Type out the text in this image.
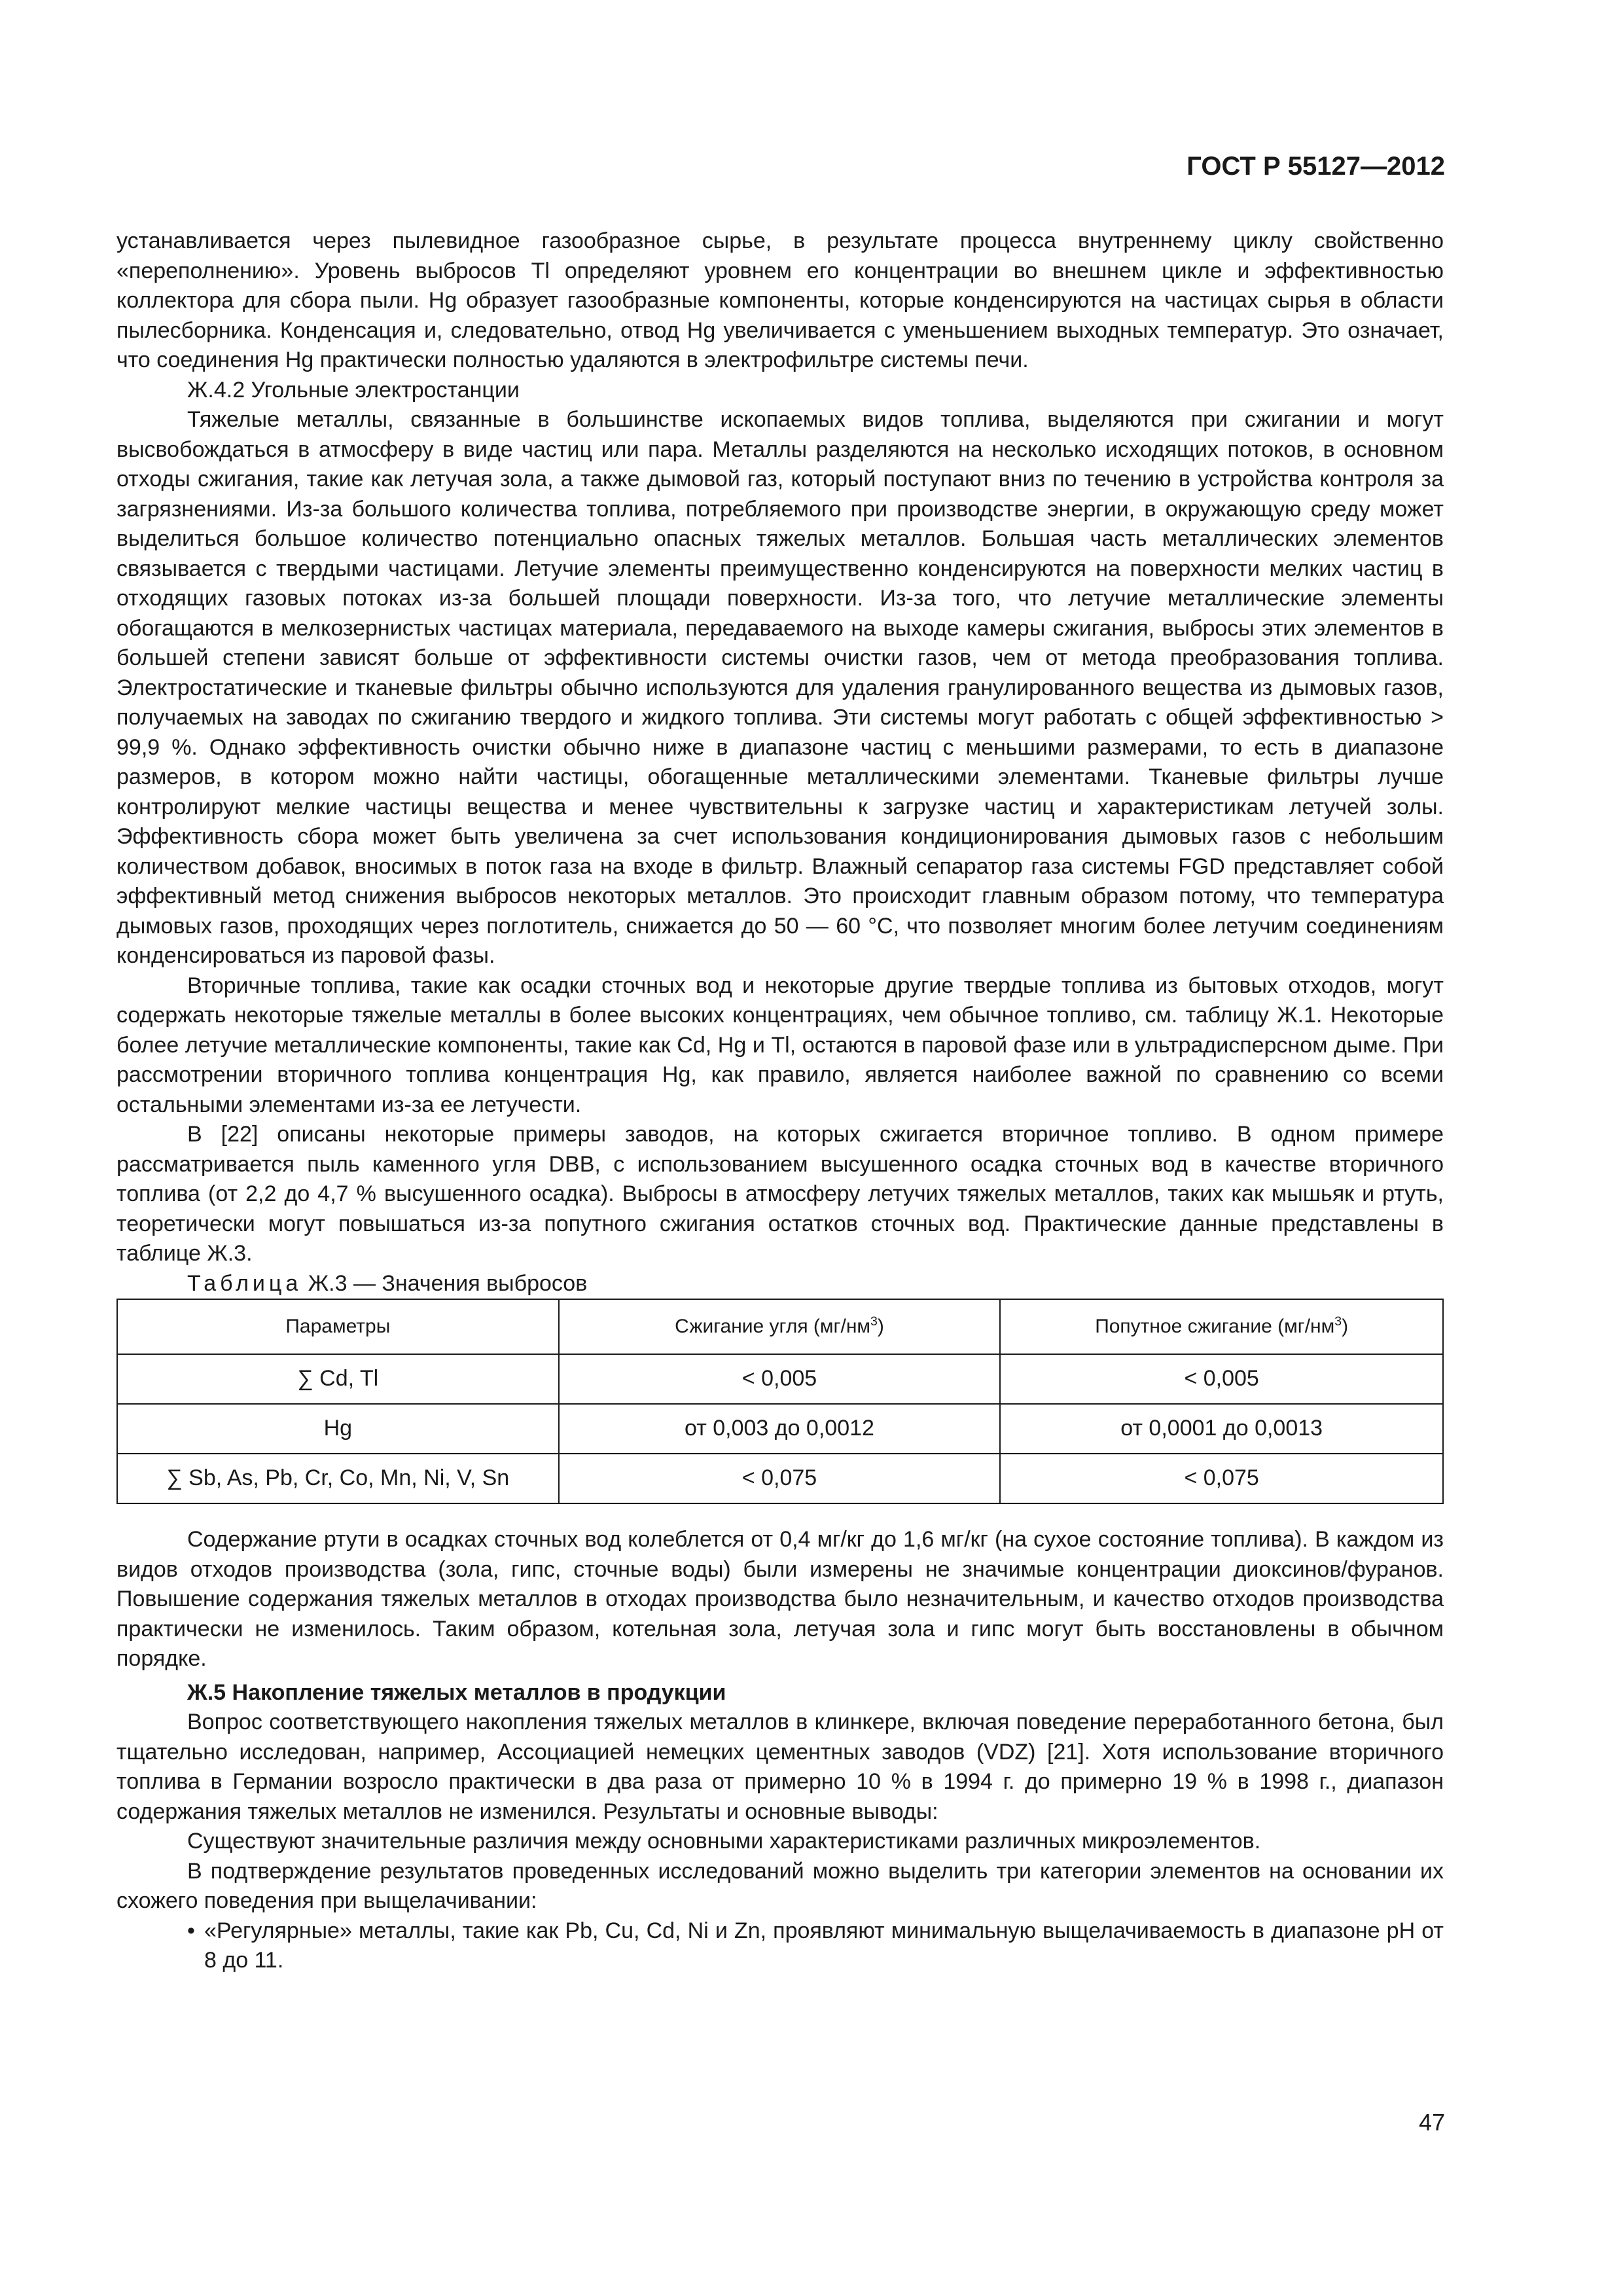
ГОСТ Р 55127—2012

устанавливается через пылевидное газообразное сырье, в результате процесса внутреннему циклу свойственно «переполнению». Уровень выбросов Tl определяют уровнем его концентрации во внешнем цикле и эффективностью коллектора для сбора пыли. Hg образует газообразные компоненты, которые конденсируются на частицах сырья в области пылесборника. Конденсация и, следовательно, отвод Hg увеличивается с уменьшением выходных температур. Это означает, что соединения Hg практически полностью удаляются в электрофильтре системы печи.

Ж.4.2 Угольные электростанции

Тяжелые металлы, связанные в большинстве ископаемых видов топлива, выделяются при сжигании и могут высвобождаться в атмосферу в виде частиц или пара. Металлы разделяются на несколько исходящих потоков, в основном отходы сжигания, такие как летучая зола, а также дымовой газ, который поступают вниз по течению в устройства контроля за загрязнениями. Из-за большого количества топлива, потребляемого при производстве энергии, в окружающую среду может выделиться большое количество потенциально опасных тяжелых металлов. Большая часть металлических элементов связывается с твердыми частицами. Летучие элементы преимущественно конденсируются на поверхности мелких частиц в отходящих газовых потоках из-за большей площади поверхности. Из-за того, что летучие металлические элементы обогащаются в мелкозернистых частицах материала, передаваемого на выходе камеры сжигания, выбросы этих элементов в большей степени зависят больше от эффективности системы очистки газов, чем от метода преобразования топлива. Электростатические и тканевые фильтры обычно используются для удаления гранулированного вещества из дымовых газов, получаемых на заводах по сжиганию твердого и жидкого топлива. Эти системы могут работать с общей эффективностью > 99,9 %. Однако эффективность очистки обычно ниже в диапазоне частиц с меньшими размерами, то есть в диапазоне размеров, в котором можно найти частицы, обогащенные металлическими элементами. Тканевые фильтры лучше контролируют мелкие частицы вещества и менее чувствительны к загрузке частиц и характеристикам летучей золы. Эффективность сбора может быть увеличена за счет использования кондиционирования дымовых газов с небольшим количеством добавок, вносимых в поток газа на входе в фильтр. Влажный сепаратор газа системы FGD представляет собой эффективный метод снижения выбросов некоторых металлов. Это происходит главным образом потому, что температура дымовых газов, проходящих через поглотитель, снижается до 50 — 60 °C, что позволяет многим более летучим соединениям конденсироваться из паровой фазы.

Вторичные топлива, такие как осадки сточных вод и некоторые другие твердые топлива из бытовых отходов, могут содержать некоторые тяжелые металлы в более высоких концентрациях, чем обычное топливо, см. таблицу Ж.1. Некоторые более летучие металлические компоненты, такие как Cd, Hg и Tl, остаются в паровой фазе или в ультрадисперсном дыме. При рассмотрении вторичного топлива концентрация Hg, как правило, является наиболее важной по сравнению со всеми остальными элементами из-за ее летучести.

В [22] описаны некоторые примеры заводов, на которых сжигается вторичное топливо. В одном примере рассматривается пыль каменного угля DBB, с использованием высушенного осадка сточных вод в качестве вторичного топлива (от 2,2 до 4,7 % высушенного осадка). Выбросы в атмосферу летучих тяжелых металлов, таких как мышьяк и ртуть, теоретически могут повышаться из-за попутного сжигания остатков сточных вод. Практические данные представлены в таблице Ж.3.

Таблица Ж.3 — Значения выбросов

Параметры	Сжигание угля $(мг/нм^3)$	Попутное сжигание $(мг/нм^3)$
∑ Cd, Tl	< 0,005	< 0,005
Hg	от 0,003 до 0,0012	от 0,0001 до 0,0013
∑ Sb, As, Pb, Cr, Co, Mn, Ni, V, Sn	< 0,075	< 0,075

Содержание ртути в осадках сточных вод колеблется от 0,4 мг/кг до 1,6 мг/кг (на сухое состояние топлива). В каждом из видов отходов производства (зола, гипс, сточные воды) были измерены не значимые концентрации диоксинов/фуранов. Повышение содержания тяжелых металлов в отходах производства было незначительным, и качество отходов производства практически не изменилось. Таким образом, котельная зола, летучая зола и гипс могут быть восстановлены в обычном порядке.

Ж.5 Накопление тяжелых металлов в продукции

Вопрос соответствующего накопления тяжелых металлов в клинкере, включая поведение переработанного бетона, был тщательно исследован, например, Ассоциацией немецких цементных заводов (VDZ) [21]. Хотя использование вторичного топлива в Германии возросло практически в два раза от примерно 10 % в 1994 г. до примерно 19 % в 1998 г., диапазон содержания тяжелых металлов не изменился. Результаты и основные выводы:

Существуют значительные различия между основными характеристиками различных микроэлементов.

В подтверждение результатов проведенных исследований можно выделить три категории элементов на основании их схожего поведения при выщелачивании:

• «Регулярные» металлы, такие как Pb, Cu, Cd, Ni и Zn, проявляют минимальную выщелачиваемость в диапазоне pH от 8 до 11.
47
